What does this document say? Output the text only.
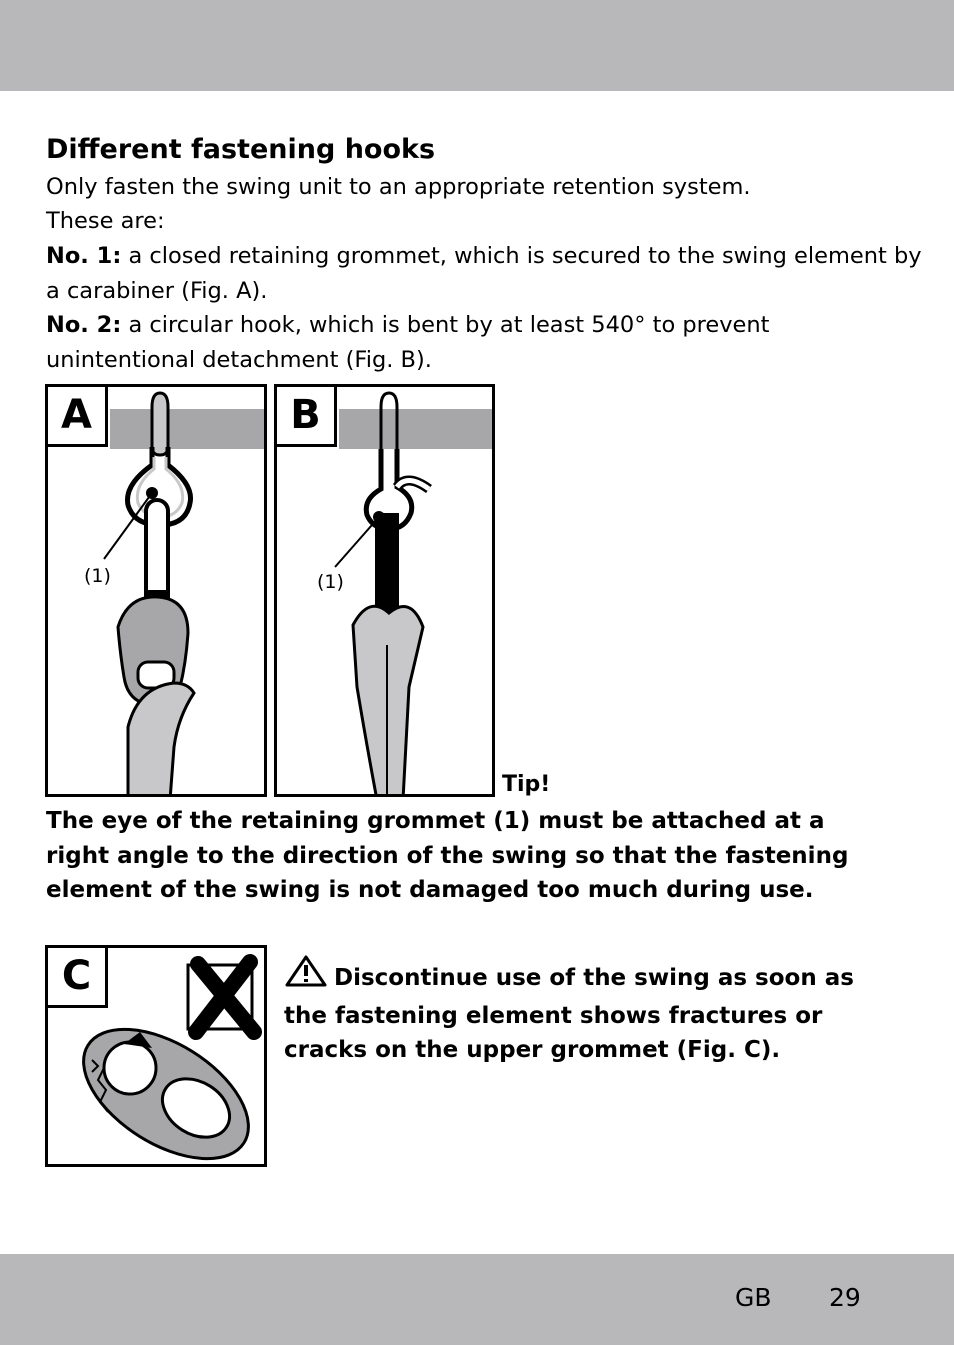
Different fastening hooks
Only fasten the swing unit to an appropriate retention system.
These are:
No. 1: a closed retaining grommet, which is secured to the swing element by
a carabiner (Fig. A).
No. 2: a circular hook, which is bent by at least 540° to prevent
unintentional detachment (Fig. B).
A
(1)
B
(1)
Tip!
The eye of the retaining grommet (1) must be attached at a
right angle to the direction of the swing so that the fastening
element of the swing is not damaged too much during use.
C	Discontinue use of the swing as soon as
the fastening element shows fractures or
cracks on the upper grommet (Fig. C).
GB 29
